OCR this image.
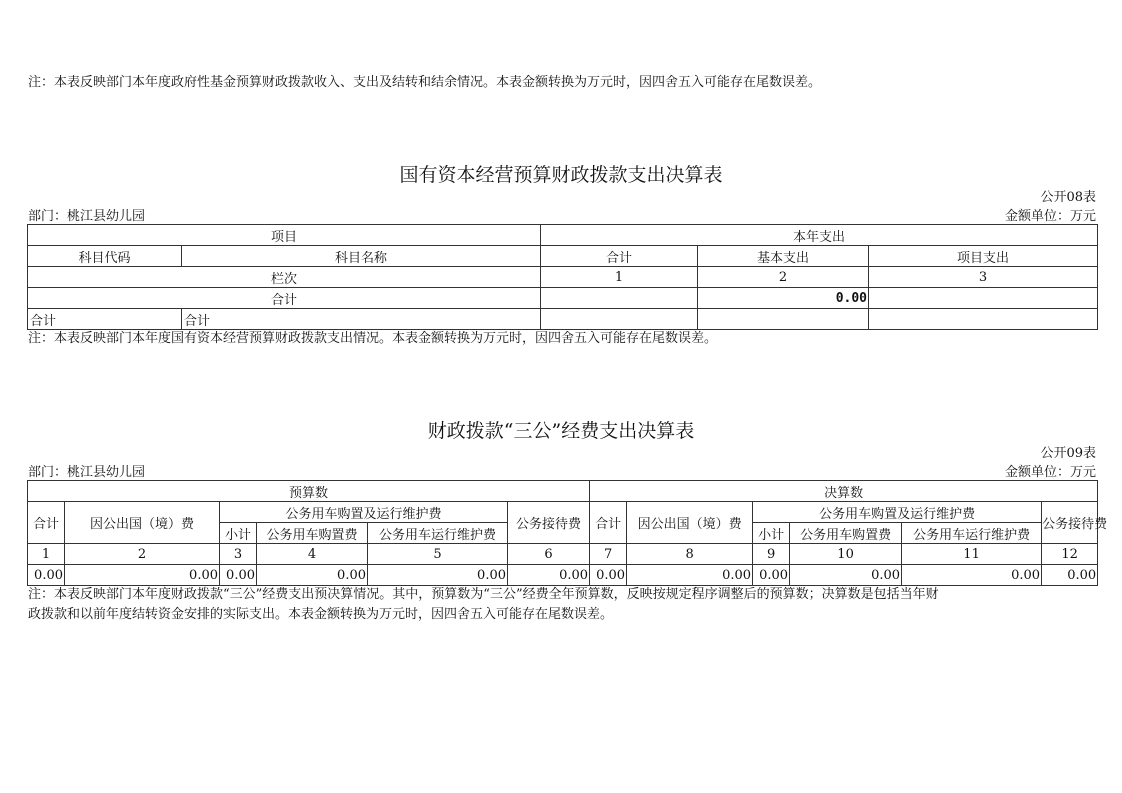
注：本表反映部门本年度政府性基金预算财政拨款收入、支出及结转和结余情况。本表金额转换为万元时，因四舍五入可能存在尾数误差。
国有资本经营预算财政拨款支出决算表
公开08表
部门：桃江县幼儿园	金额单位：万元
项目		本年支出		
科目代码	科目名称	合计	基本支出	项目支出
栏次		1	2	3
合计			0.00	
合计	合计			
注：本表反映部门本年度国有资本经营预算财政拨款支出情况。本表金额转换为万元时，因四舍五入可能存在尾数误差。
财政拨款“三公”经费支出决算表
公开09表
部门：桃江县幼儿园	金额单位：万元
预算数						决算数					
合计	因公出国（境）费	公务用车购置及运行维护费			公务接待费	合计	因公出国（境）费	公务用车购置及运行维护费			公务接待费
		小计	公务用车购置费	公务用车运行维护费				小计	公务用车购置费	公务用车运行维护费	
1	2	3	4	5	6	7	8	9	10	11	12
0.00	0.00	0.00	0.00	0.00	0.00	0.00	0.00	0.00	0.00	0.00	0.00
注：本表反映部门本年度财政拨款“三公”经费支出预决算情况。其中，预算数为“三公”经费全年预算数，反映按规定程序调整后的预算数；决算数是包括当年财
政拨款和以前年度结转资金安排的实际支出。本表金额转换为万元时，因四舍五入可能存在尾数误差。
